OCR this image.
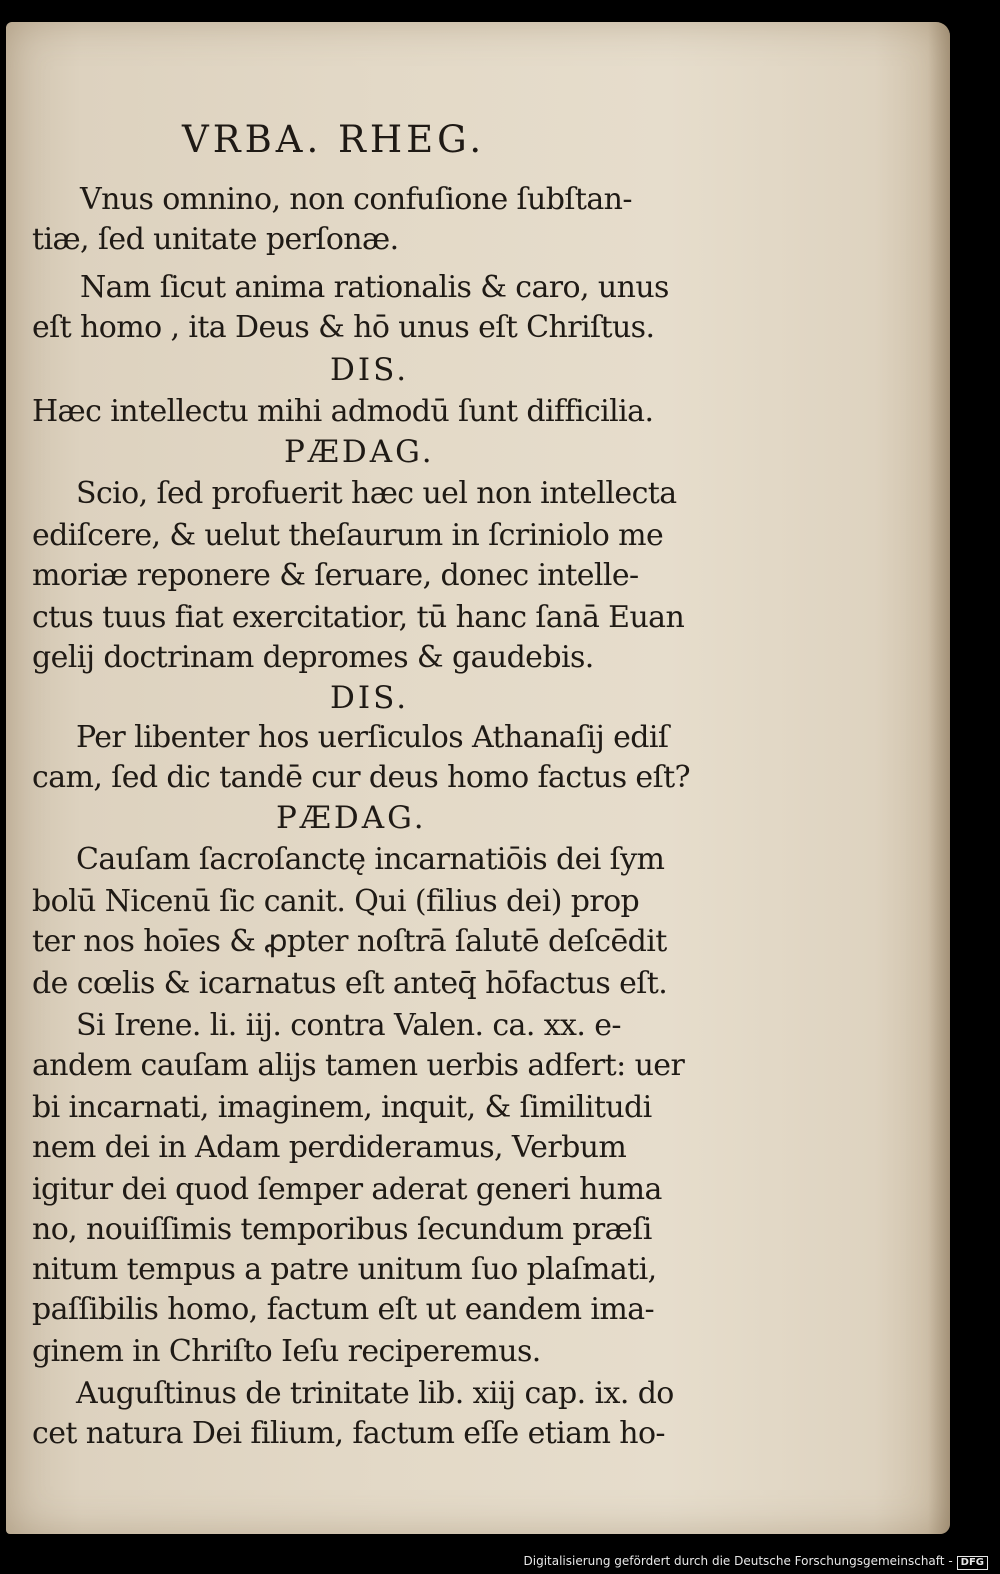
VRBA. RHEG.
Vnus omnino, non confuſione ſubſtan-
tiæ, ſed unitate perſonæ.
Nam ſicut anima rationalis & caro, unus
eſt homo , ita Deus & hō unus eſt Chriſtus.
DIS.
Hæc intellectu mihi admodū ſunt difficilia.
PÆDAG.
Scio, ſed profuerit hæc uel non intellecta
ediſcere, & uelut theſaurum in ſcriniolo me
moriæ reponere & ſeruare, donec intelle-
ctus tuus fiat exercitatior, tū hanc ſanā Euan
gelij doctrinam depromes & gaudebis.
DIS.
Per libenter hos uerſiculos Athanaſij ediſ
cam, ſed dic tandē cur deus homo factus eſt?
PÆDAG.
Cauſam ſacroſanctę incarnatiōis dei ſym
bolū Nicenū ſic canit. Qui (filius dei) prop
ter nos hoīes & ꝓpter noſtrā ſalutē deſcēdit
de cœlis & icarnatus eſt anteq̄ hōfactus eſt.
Si Irene. li. iij. contra Valen. ca. xx. e-
andem cauſam alijs tamen uerbis adfert: uer
bi incarnati, imaginem, inquit, & ſimilitudi
nem dei in Adam perdideramus, Verbum
igitur dei quod ſemper aderat generi huma
no, nouiſſimis temporibus ſecundum præſi
nitum tempus a patre unitum ſuo plaſmati,
paſſibilis homo, factum eſt ut eandem ima-
ginem in Chriſto Ieſu reciperemus.
Auguſtinus de trinitate lib. xiij cap. ix. do
cet natura Dei filium, factum eſſe etiam ho-
Digitalisierung gefördert durch die Deutsche Forschungsgemeinschaft - DFG
